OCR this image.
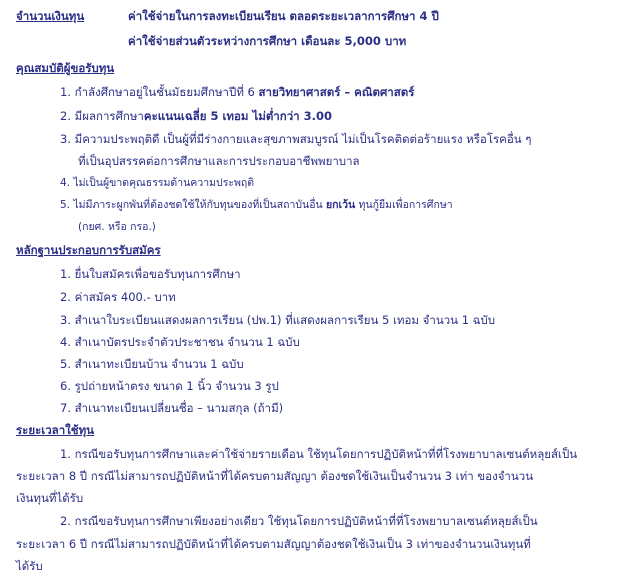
จำนวนเงินทุน	ค่าใช้จ่ายในการลงทะเบียนเรียน ตลอดระยะเวลาการศึกษา 4 ปี
ค่าใช้จ่ายส่วนตัวระหว่างการศึกษา เดือนละ 5,000 บาท
คุณสมบัติผู้ขอรับทุน
1. กำลังศึกษาอยู่ในชั้นมัธยมศึกษาปีที่ 6 สายวิทยาศาสตร์ – คณิตศาสตร์
2. มีผลการศึกษาคะแนนเฉลี่ย 5 เทอม ไม่ต่ำกว่า 3.00
3. มีความประพฤติดี เป็นผู้ที่มีร่างกายและสุขภาพสมบูรณ์ ไม่เป็นโรคติดต่อร้ายแรง หรือโรคอื่น ๆ
ที่เป็นอุปสรรคต่อการศึกษาและการประกอบอาชีพพยาบาล
4. ไม่เป็นผู้ขาดคุณธรรมด้านความประพฤติ
5. ไม่มีภาระผูกพันที่ต้องชดใช้ให้กับทุนของที่เป็นสถาบันอื่น ยกเว้น ทุนกู้ยืมเพื่อการศึกษา
(กยศ. หรือ กรอ.)
หลักฐานประกอบการรับสมัคร
1. ยื่นใบสมัครเพื่อขอรับทุนการศึกษา
2. ค่าสมัคร 400.- บาท
3. สำเนาใบระเบียนแสดงผลการเรียน (ปพ.1) ที่แสดงผลการเรียน 5 เทอม จำนวน 1 ฉบับ
4. สำเนาบัตรประจำตัวประชาชน จำนวน 1 ฉบับ
5. สำเนาทะเบียนบ้าน จำนวน 1 ฉบับ
6. รูปถ่ายหน้าตรง ขนาด 1 นิ้ว จำนวน 3 รูป
7. สำเนาทะเบียนเปลี่ยนชื่อ – นามสกุล (ถ้ามี)
ระยะเวลาใช้ทุน
1. กรณีขอรับทุนการศึกษาและค่าใช้จ่ายรายเดือน ใช้ทุนโดยการปฏิบัติหน้าที่ที่โรงพยาบาลเซนต์หลุยส์เป็น
ระยะเวลา 8 ปี กรณีไม่สามารถปฏิบัติหน้าที่ได้ครบตามสัญญา ต้องชดใช้เงินเป็นจำนวน 3 เท่า ของจำนวน
เงินทุนที่ได้รับ
2. กรณีขอรับทุนการศึกษาเพียงอย่างเดียว ใช้ทุนโดยการปฏิบัติหน้าที่ที่โรงพยาบาลเซนต์หลุยส์เป็น
ระยะเวลา 6 ปี กรณีไม่สามารถปฏิบัติหน้าที่ได้ครบตามสัญญาต้องชดใช้เงินเป็น 3 เท่าของจำนวนเงินทุนที่
ได้รับ
